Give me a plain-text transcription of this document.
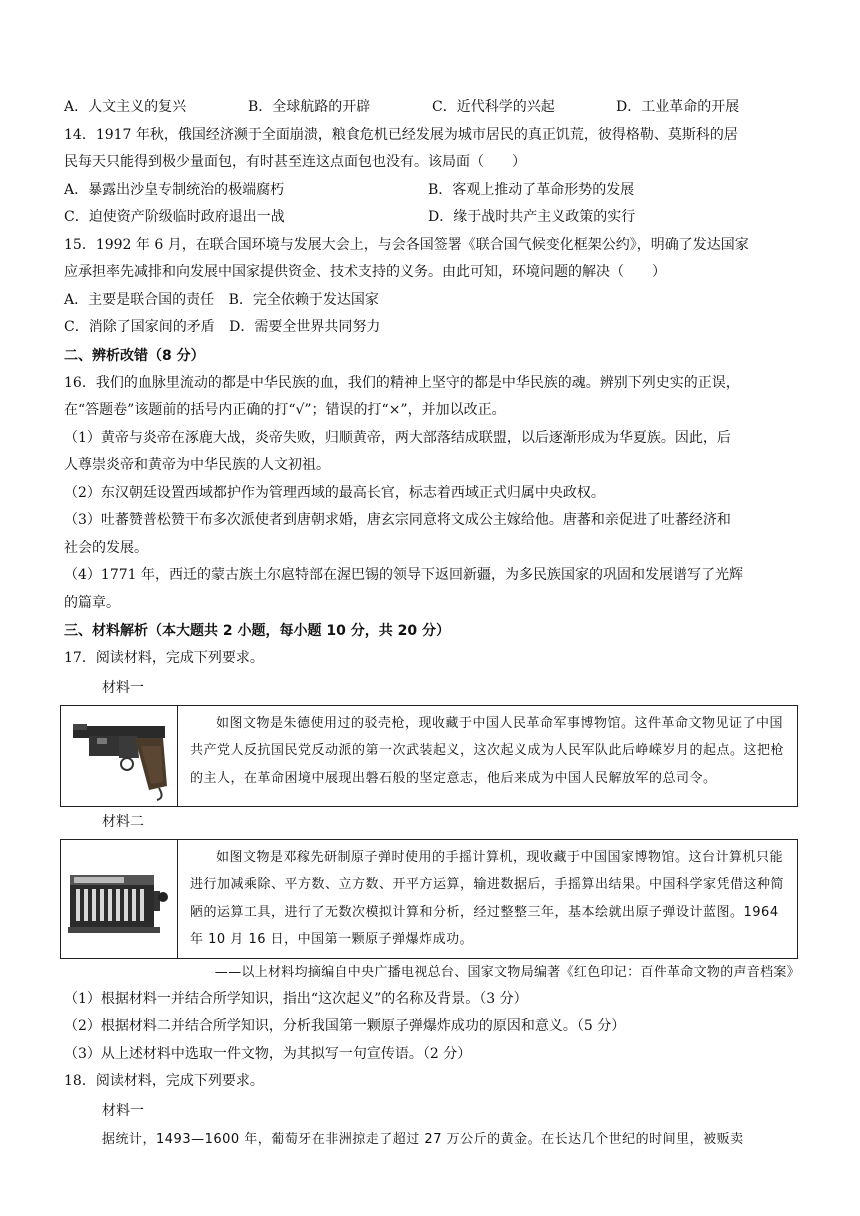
A．人文主义的复兴	B．全球航路的开辟	C．近代科学的兴起	D．工业革命的开展
14．1917 年秋，俄国经济濒于全面崩溃，粮食危机已经发展为城市居民的真正饥荒，彼得格勒、莫斯科的居
民每天只能得到极少量面包，有时甚至连这点面包也没有。该局面（　　）
A．暴露出沙皇专制统治的极端腐朽	B．客观上推动了革命形势的发展
C．迫使资产阶级临时政府退出一战	D．缘于战时共产主义政策的实行
15．1992 年 6 月，在联合国环境与发展大会上，与会各国签署《联合国气候变化框架公约》，明确了发达国家
应承担率先减排和向发展中国家提供资金、技术支持的义务。由此可知，环境问题的解决（　　）
A．主要是联合国的责任 B．完全依赖于发达国家
C．消除了国家间的矛盾 D．需要全世界共同努力
二、辨析改错（8 分）
16．我们的血脉里流动的都是中华民族的血，我们的精神上坚守的都是中华民族的魂。辨别下列史实的正误，
在“答题卷”该题前的括号内正确的打“√”；错误的打“×”，并加以改正。
（1）黄帝与炎帝在涿鹿大战，炎帝失败，归顺黄帝，两大部落结成联盟，以后逐渐形成为华夏族。因此，后
人尊崇炎帝和黄帝为中华民族的人文初祖。
（2）东汉朝廷设置西域都护作为管理西域的最高长官，标志着西域正式归属中央政权。
（3）吐蕃赞普松赞干布多次派使者到唐朝求婚，唐玄宗同意将文成公主嫁给他。唐蕃和亲促进了吐蕃经济和
社会的发展。
（4）1771 年，西迁的蒙古族土尔扈特部在渥巴锡的领导下返回新疆，为多民族国家的巩固和发展谱写了光辉
的篇章。
三、材料解析（本大题共 2 小题，每小题 10 分，共 20 分）
17．阅读材料，完成下列要求。
材料一
如图文物是朱德使用过的驳壳枪，现收藏于中国人民革命军事博物馆。这件革命文物见证了中国共产党人反抗国民党反动派的第一次武装起义，这次起义成为人民军队此后峥嵘岁月的起点。这把枪的主人，在革命困境中展现出磐石般的坚定意志，他后来成为中国人民解放军的总司令。
材料二
如图文物是邓稼先研制原子弹时使用的手摇计算机，现收藏于中国国家博物馆。这台计算机只能进行加减乘除、平方数、立方数、开平方运算，输进数据后，手摇算出结果。中国科学家凭借这种简陋的运算工具，进行了无数次模拟计算和分析，经过整整三年，基本绘就出原子弹设计蓝图。1964 年 10 月 16 日，中国第一颗原子弹爆炸成功。
——以上材料均摘编自中央广播电视总台、国家文物局编著《红色印记：百件革命文物的声音档案》
（1）根据材料一并结合所学知识，指出“这次起义”的名称及背景。（3 分）
（2）根据材料二并结合所学知识，分析我国第一颗原子弹爆炸成功的原因和意义。（5 分）
（3）从上述材料中选取一件文物，为其拟写一句宣传语。（2 分）
18．阅读材料，完成下列要求。
材料一
据统计，1493—1600 年，葡萄牙在非洲掠走了超过 27 万公斤的黄金。在长达几个世纪的时间里，被贩卖
